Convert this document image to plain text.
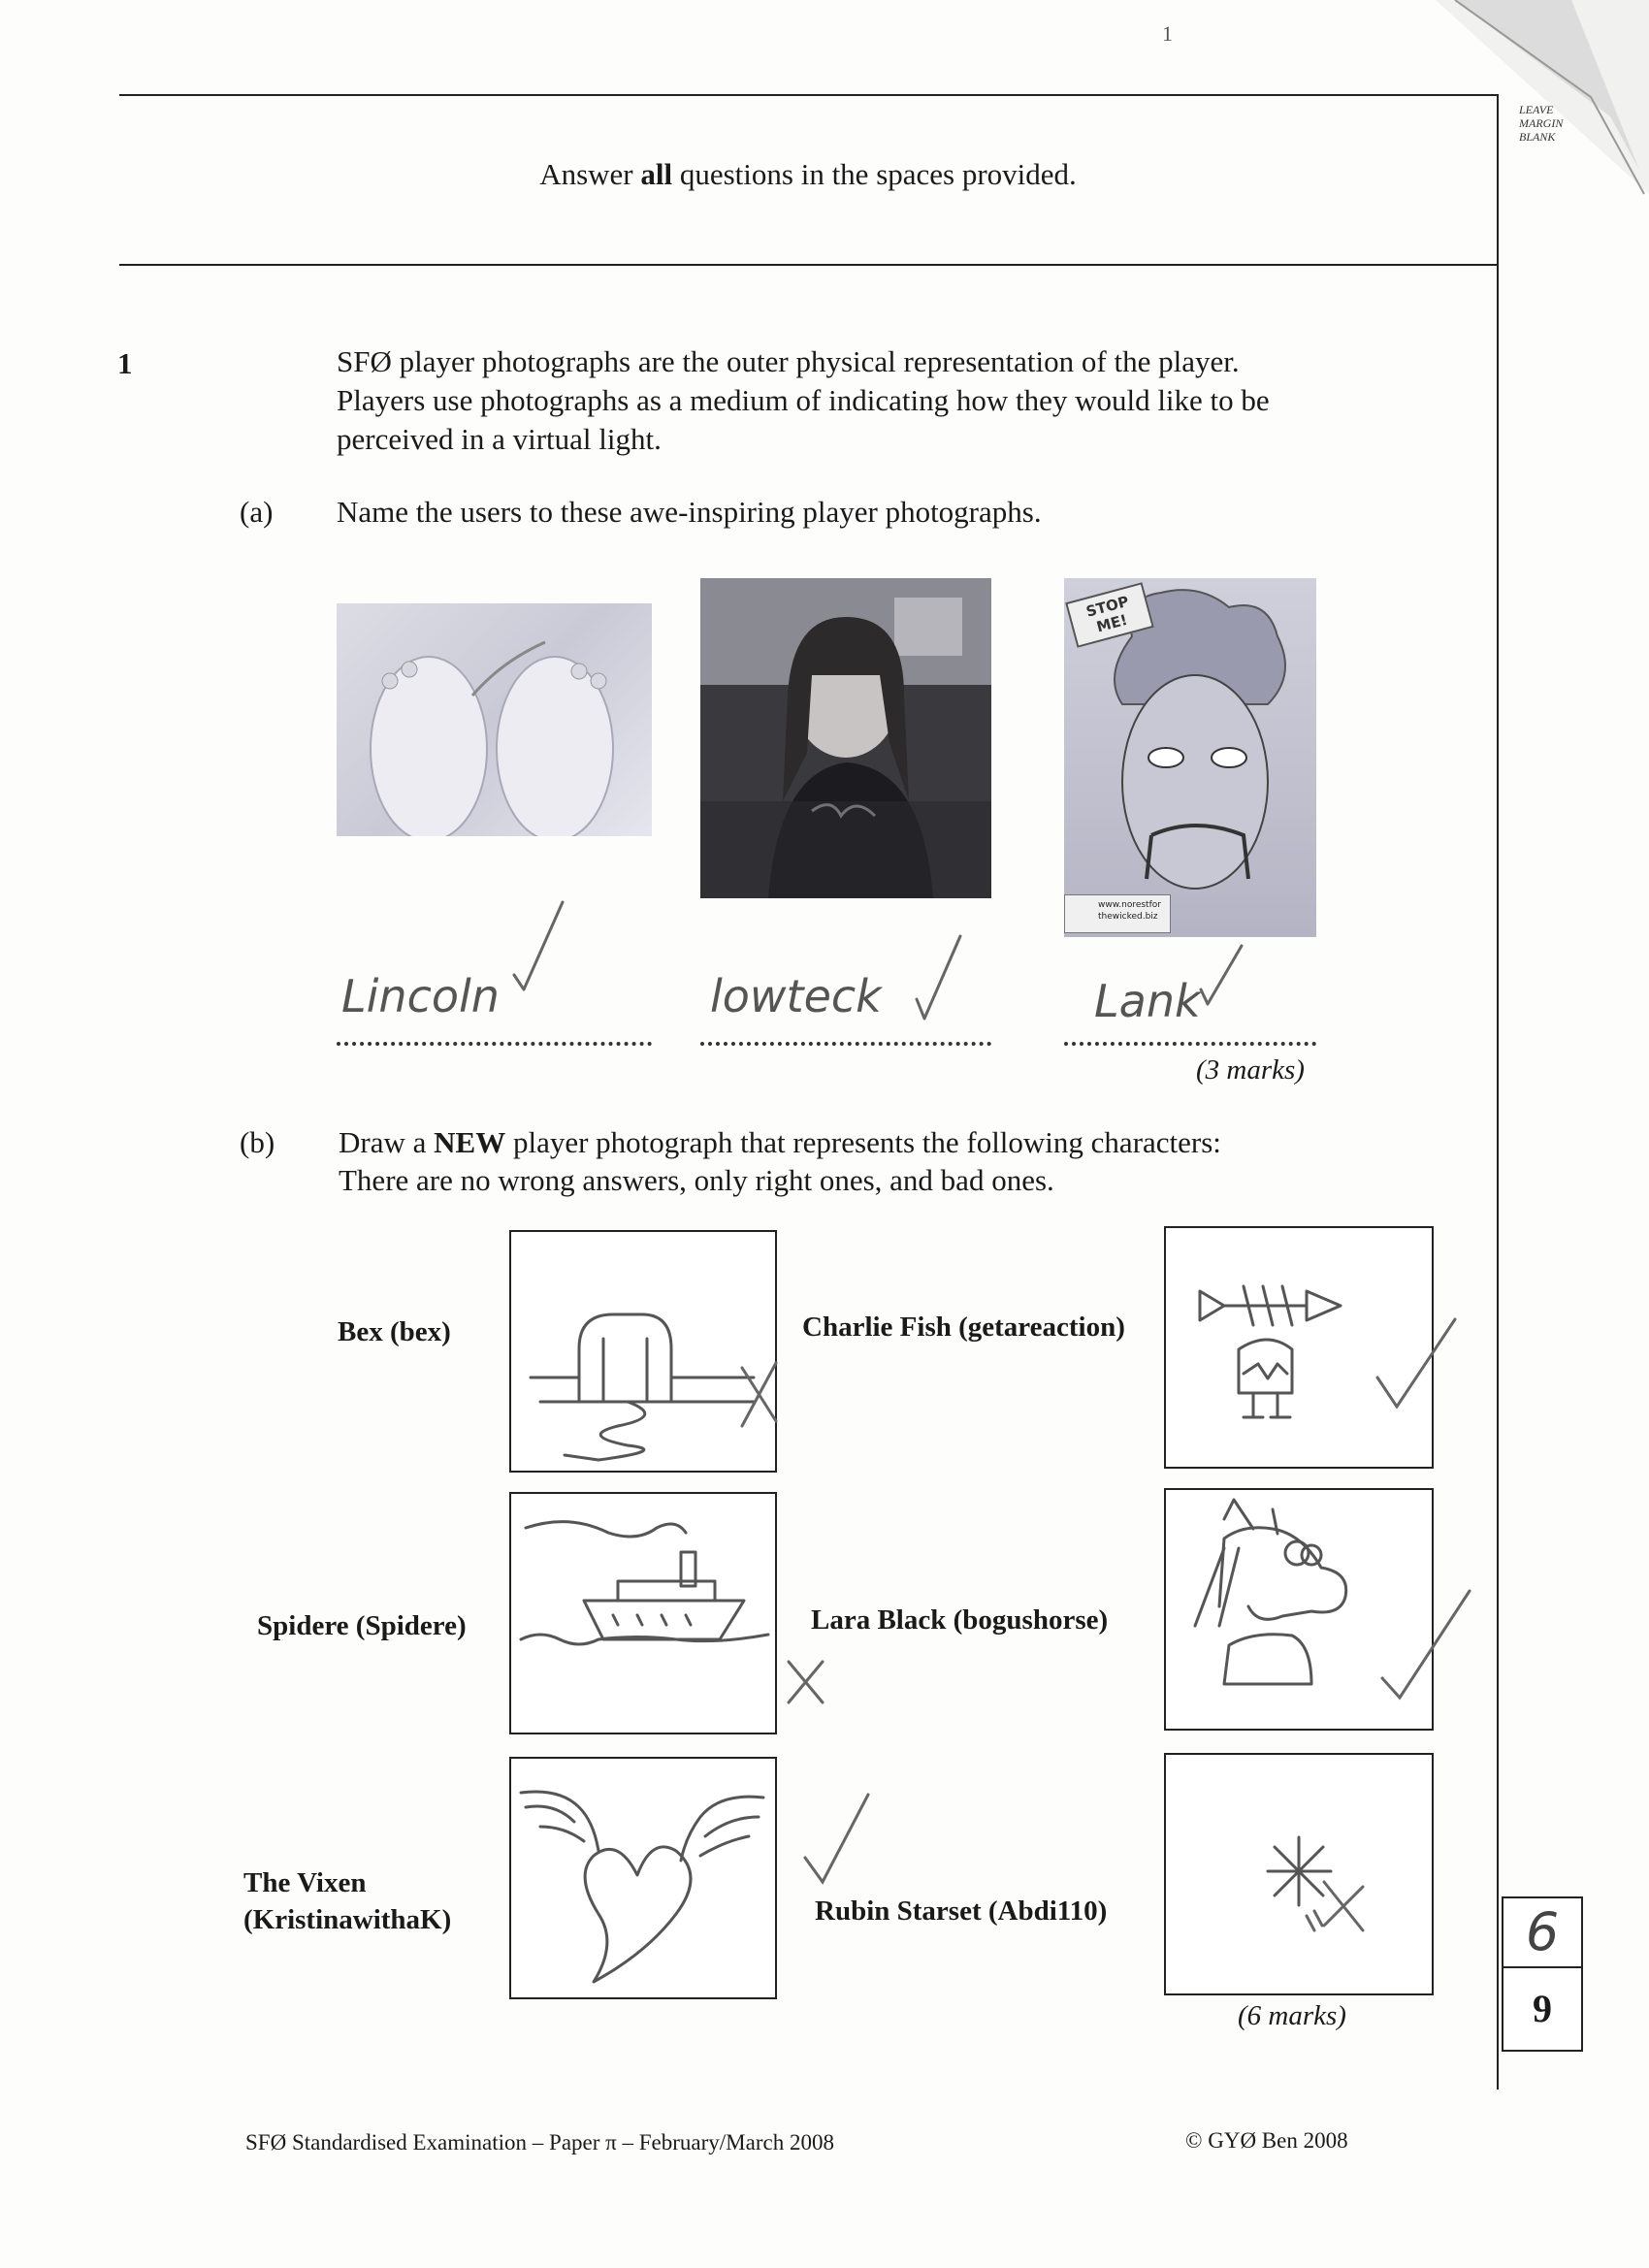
1
LEAVE
MARGIN
BLANK
Answer all questions in the spaces provided.
1	SFØ player photographs are the outer physical representation of the player.
Players use photographs as a medium of indicating how they would like to be
perceived in a virtual light.
(a) Name the users to these awe-inspiring player photographs.
STOP ME!
www.norestfor thewicked.biz
Lincoln	lowteck	Lank
(3 marks)
(b) Draw a NEW player photograph that represents the following characters:
There are no wrong answers, only right ones, and bad ones.
Bex (bex)	Charlie Fish (getareaction)
Spidere (Spidere)	Lara Black (bogushorse)
The Vixen
(KristinawithaK)	Rubin Starset (Abdi110)
(6 marks)
6
9
SFØ Standardised Examination – Paper π – February/March 2008	© GYØ Ben 2008
